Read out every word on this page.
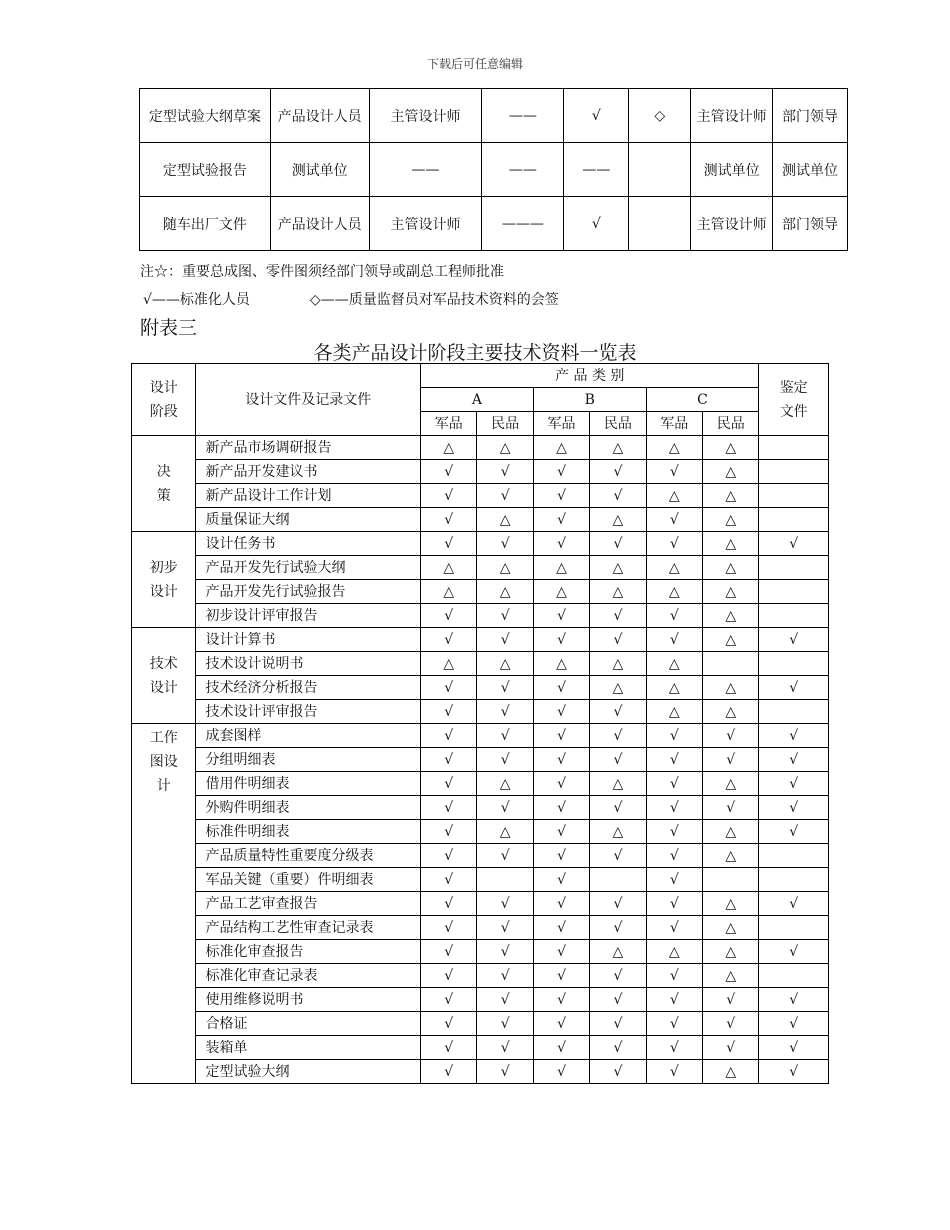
下载后可任意编辑
定型试验大纲草案	产品设计人员	主管设计师	——	√	◇	主管设计师	部门领导
定型试验报告	测试单位	——	——	——		测试单位	测试单位
随车出厂文件	产品设计人员	主管设计师	———	√		主管设计师	部门领导
注☆：重要总成图、零件图须经部门领导或副总工程师批准
√——标准化人员	◇——质量监督员对军品技术资料的会签
附表三
各类产品设计阶段主要技术资料一览表
设计阶段	设计文件及记录文件	产 品 类 别						鉴定文件
		A		B		C		
		军品	民品	军品	民品	军品	民品	
决 策	新产品市场调研报告	△	△	△	△	△	△	
	新产品开发建议书	√	√	√	√	√	△	
	新产品设计工作计划	√	√	√	√	△	△	
	质量保证大纲	√	△	√	△	√	△	
初步设计	设计任务书	√	√	√	√	√	△	√
	产品开发先行试验大纲	△	△	△	△	△	△	
	产品开发先行试验报告	△	△	△	△	△	△	
	初步设计评审报告	√	√	√	√	√	△	
技术设计	设计计算书	√	√	√	√	√	△	√
	技术设计说明书	△	△	△	△	△		
	技术经济分析报告	√	√	√	△	△	△	√
	技术设计评审报告	√	√	√	√	△	△	
工作图设计	成套图样	√	√	√	√	√	√	√
	分组明细表	√	√	√	√	√	√	√
	借用件明细表	√	△	√	△	√	△	√
	外购件明细表	√	√	√	√	√	√	√
	标准件明细表	√	△	√	△	√	△	√
	产品质量特性重要度分级表	√	√	√	√	√	△	
	军品关键（重要）件明细表	√		√		√		
	产品工艺审查报告	√	√	√	√	√	△	√
	产品结构工艺性审查记录表	√	√	√	√	√	△	
	标准化审查报告	√	√	√	△	△	△	√
	标准化审查记录表	√	√	√	√	√	△	
	使用维修说明书	√	√	√	√	√	√	√
	合格证	√	√	√	√	√	√	√
	装箱单	√	√	√	√	√	√	√
	定型试验大纲	√	√	√	√	√	△	√
